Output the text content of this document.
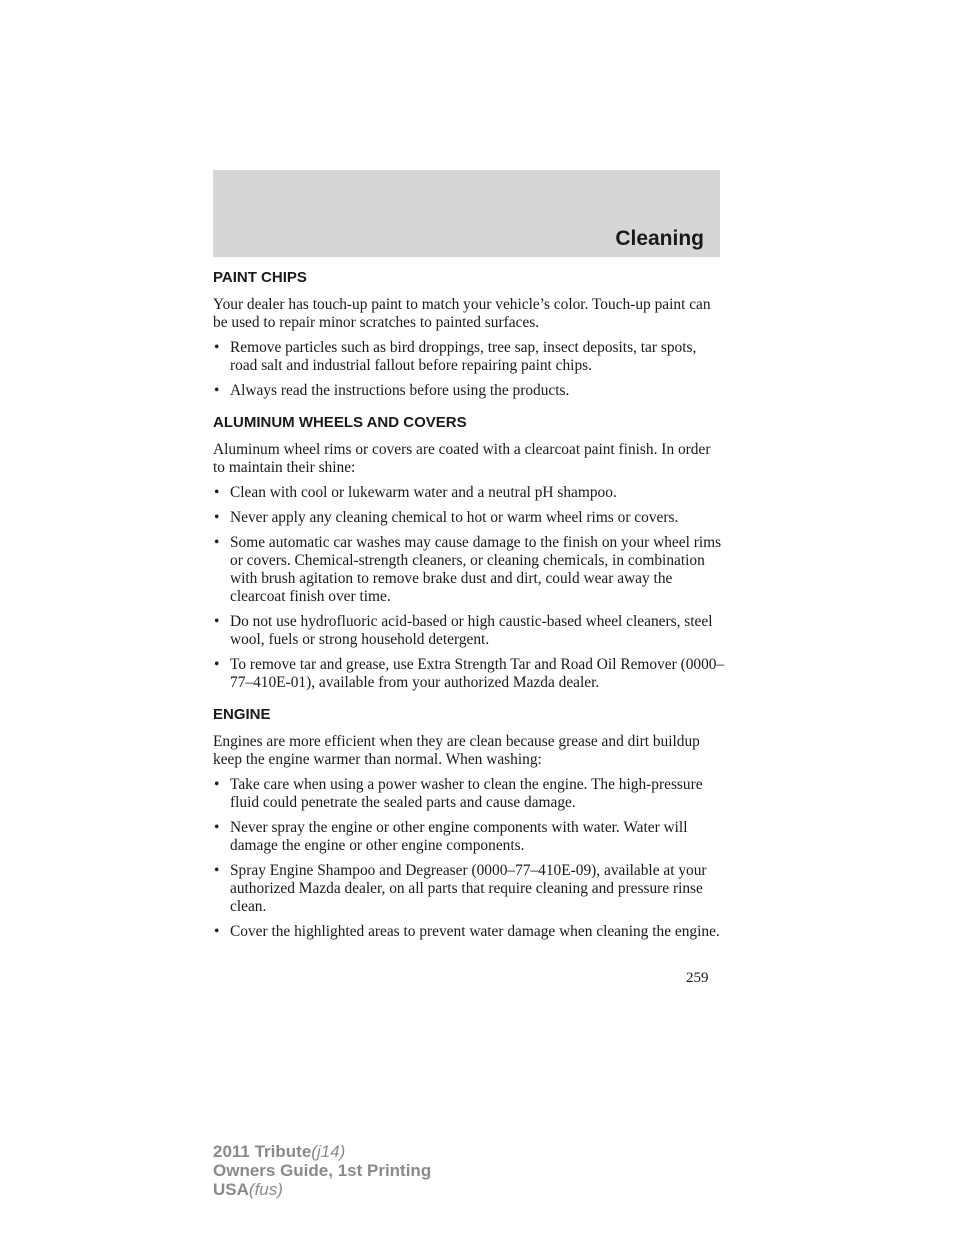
Cleaning
PAINT CHIPS

Your dealer has touch-up paint to match your vehicle’s color. Touch-up paint can be used to repair minor scratches to painted surfaces.

• Remove particles such as bird droppings, tree sap, insect deposits, tar spots, road salt and industrial fallout before repairing paint chips.
• Always read the instructions before using the products.
ALUMINUM WHEELS AND COVERS

Aluminum wheel rims or covers are coated with a clearcoat paint finish. In order to maintain their shine:

• Clean with cool or lukewarm water and a neutral pH shampoo.
• Never apply any cleaning chemical to hot or warm wheel rims or covers.
• Some automatic car washes may cause damage to the finish on your wheel rims or covers. Chemical-strength cleaners, or cleaning chemicals, in combination with brush agitation to remove brake dust and dirt, could wear away the clearcoat finish over time.
• Do not use hydrofluoric acid-based or high caustic-based wheel cleaners, steel wool, fuels or strong household detergent.
• To remove tar and grease, use Extra Strength Tar and Road Oil Remover (0000–77–410E-01), available from your authorized Mazda dealer.
ENGINE

Engines are more efficient when they are clean because grease and dirt buildup keep the engine warmer than normal. When washing:

• Take care when using a power washer to clean the engine. The high-pressure fluid could penetrate the sealed parts and cause damage.
• Never spray the engine or other engine components with water. Water will damage the engine or other engine components.
• Spray Engine Shampoo and Degreaser (0000–77–410E-09), available at your authorized Mazda dealer, on all parts that require cleaning and pressure rinse clean.
• Cover the highlighted areas to prevent water damage when cleaning the engine.
259
2011 Tribute(j14)
Owners Guide, 1st Printing
USA(fus)
